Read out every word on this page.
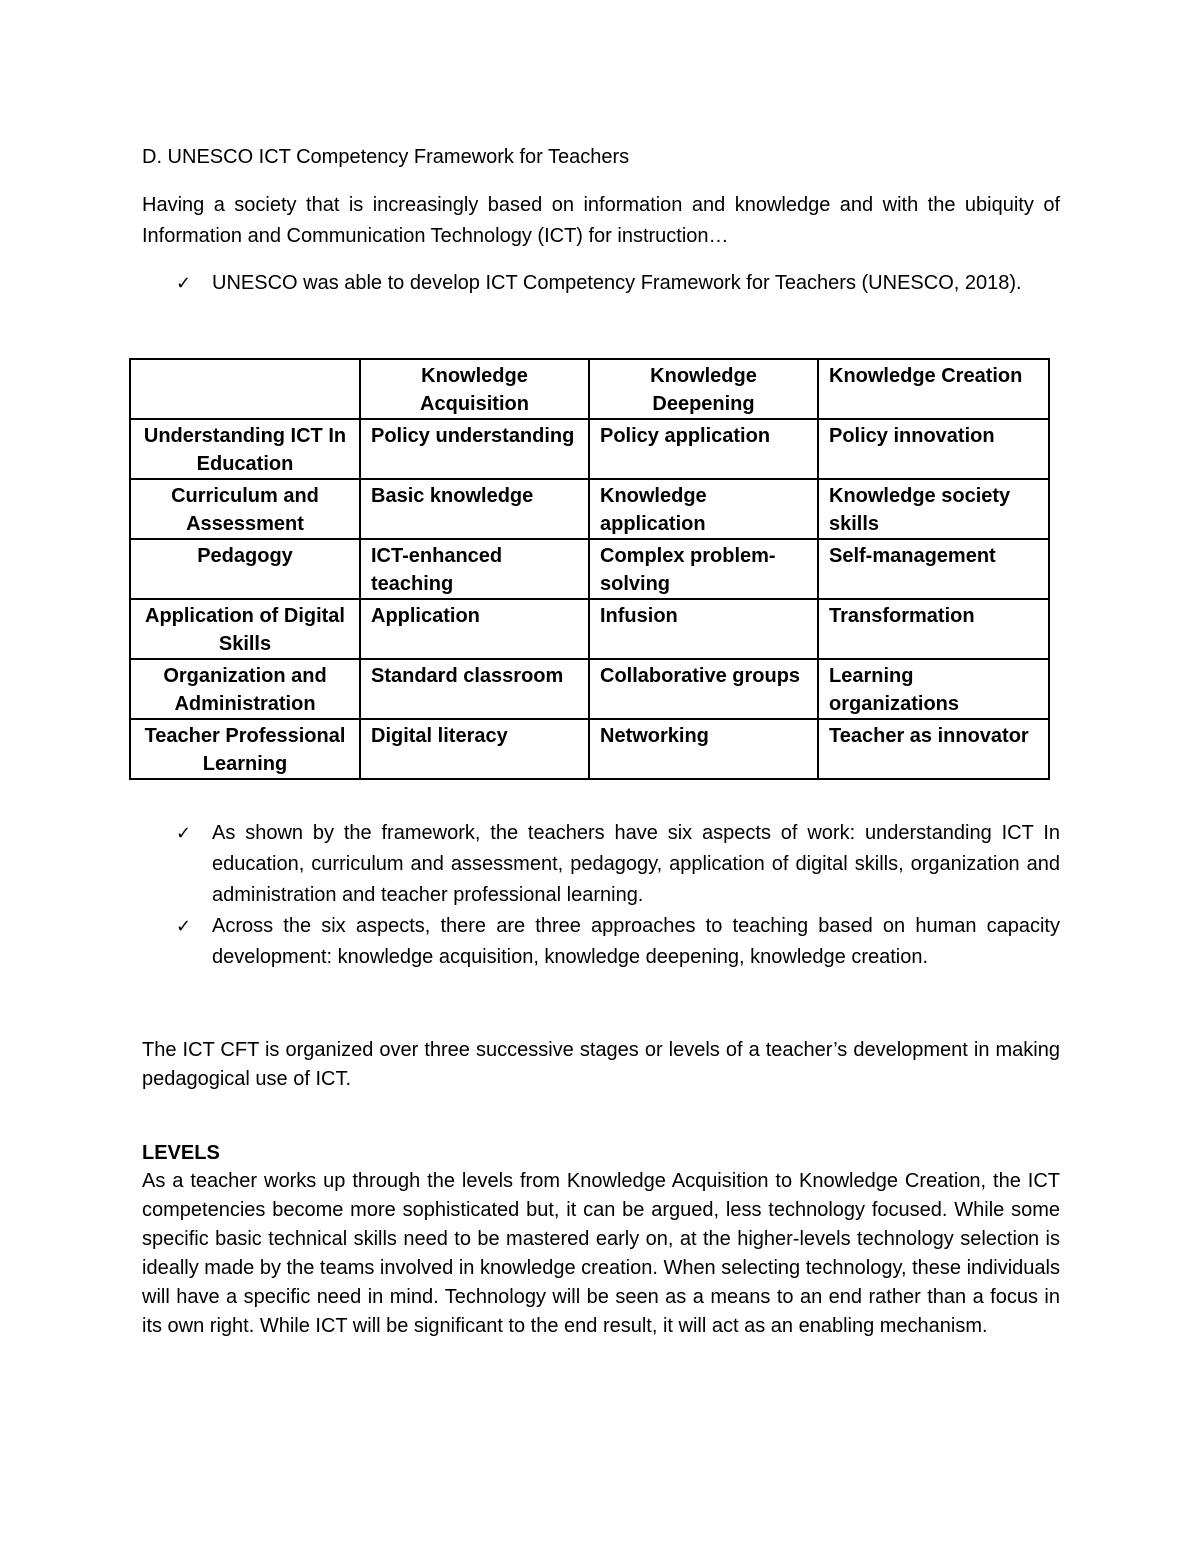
D. UNESCO ICT Competency Framework for Teachers
Having a society that is increasingly based on information and knowledge and with the ubiquity of Information and Communication Technology (ICT) for instruction…
✓	UNESCO was able to develop ICT Competency Framework for Teachers (UNESCO, 2018).
	Knowledge Acquisition	Knowledge Deepening	Knowledge Creation
Understanding ICT In Education	Policy understanding	Policy application	Policy innovation
Curriculum and Assessment	Basic knowledge	Knowledge application	Knowledge society skills
Pedagogy	ICT-enhanced teaching	Complex problem-solving	Self-management
Application of Digital Skills	Application	Infusion	Transformation
Organization and Administration	Standard classroom	Collaborative groups	Learning organizations
Teacher Professional Learning	Digital literacy	Networking	Teacher as innovator
✓	As shown by the framework, the teachers have six aspects of work: understanding ICT In education, curriculum and assessment, pedagogy, application of digital skills, organization and administration and teacher professional learning.
✓	Across the six aspects, there are three approaches to teaching based on human capacity development: knowledge acquisition, knowledge deepening, knowledge creation.
The ICT CFT is organized over three successive stages or levels of a teacher’s development in making pedagogical use of ICT.
LEVELS
As a teacher works up through the levels from Knowledge Acquisition to Knowledge Creation, the ICT competencies become more sophisticated but, it can be argued, less technology focused. While some specific basic technical skills need to be mastered early on, at the higher-levels technology selection is ideally made by the teams involved in knowledge creation. When selecting technology, these individuals will have a specific need in mind. Technology will be seen as a means to an end rather than a focus in its own right. While ICT will be significant to the end result, it will act as an enabling mechanism.
